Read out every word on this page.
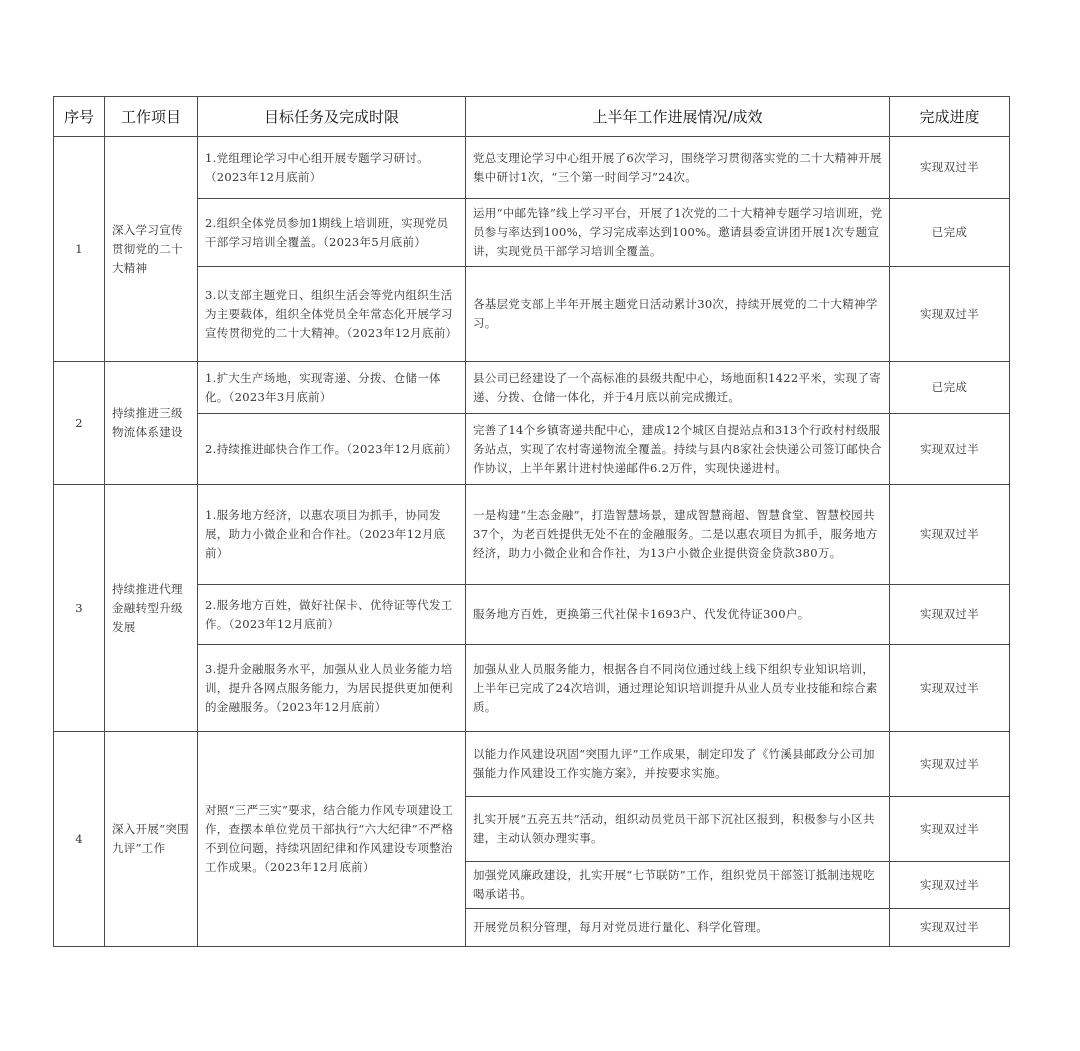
序号	工作项目	目标任务及完成时限	上半年工作进展情况/成效	完成进度
1	深入学习宣传贯彻党的二十大精神	1.党组理论学习中心组开展专题学习研讨。（2023年12月底前）	党总支理论学习中心组开展了6次学习，围绕学习贯彻落实党的二十大精神开展集中研讨1次，“三个第一时间学习”24次。	实现双过半
		2.组织全体党员参加1期线上培训班，实现党员干部学习培训全覆盖。（2023年5月底前）	运用“中邮先锋”线上学习平台，开展了1次党的二十大精神专题学习培训班，党员参与率达到100%，学习完成率达到100%。邀请县委宣讲团开展1次专题宣讲，实现党员干部学习培训全覆盖。	已完成
		3.以支部主题党日、组织生活会等党内组织生活为主要载体，组织全体党员全年常态化开展学习宣传贯彻党的二十大精神。（2023年12月底前）	各基层党支部上半年开展主题党日活动累计30次，持续开展党的二十大精神学习。	实现双过半
2	持续推进三级物流体系建设	1.扩大生产场地，实现寄递、分拨、仓储一体化。（2023年3月底前）	县公司已经建设了一个高标准的县级共配中心，场地面积1422平米，实现了寄递、分拨、仓储一体化，并于4月底以前完成搬迁。	已完成
		2.持续推进邮快合作工作。（2023年12月底前）	完善了14个乡镇寄递共配中心，建成12个城区自提站点和313个行政村村级服务站点，实现了农村寄递物流全覆盖。持续与县内8家社会快递公司签订邮快合作协议，上半年累计进村快递邮件6.2万件，实现快递进村。	实现双过半
3	持续推进代理金融转型升级发展	1.服务地方经济，以惠农项目为抓手，协同发展，助力小微企业和合作社。（2023年12月底前）	一是构建“生态金融”，打造智慧场景，建成智慧商超、智慧食堂、智慧校园共37个，为老百姓提供无处不在的金融服务。二是以惠农项目为抓手，服务地方经济，助力小微企业和合作社，为13户小微企业提供资金贷款380万。	实现双过半
		2.服务地方百姓，做好社保卡、优待证等代发工作。（2023年12月底前）	服务地方百姓，更换第三代社保卡1693户、代发优待证300户。	实现双过半
		3.提升金融服务水平，加强从业人员业务能力培训，提升各网点服务能力，为居民提供更加便利的金融服务。（2023年12月底前）	加强从业人员服务能力，根据各自不同岗位通过线上线下组织专业知识培训，上半年已完成了24次培训，通过理论知识培训提升从业人员专业技能和综合素质。	实现双过半
4	深入开展“突围九评”工作	对照“三严三实”要求，结合能力作风专项建设工作，查摆本单位党员干部执行“六大纪律”不严格不到位问题，持续巩固纪律和作风建设专项整治工作成果。（2023年12月底前）	以能力作风建设巩固“突围九评”工作成果，制定印发了《竹溪县邮政分公司加强能力作风建设工作实施方案》，并按要求实施。	实现双过半
			扎实开展“五亮五共”活动，组织动员党员干部下沉社区报到，积极参与小区共建，主动认领办理实事。	实现双过半
			加强党风廉政建设，扎实开展“七节联防”工作，组织党员干部签订抵制违规吃喝承诺书。	实现双过半
			开展党员积分管理，每月对党员进行量化、科学化管理。	实现双过半
